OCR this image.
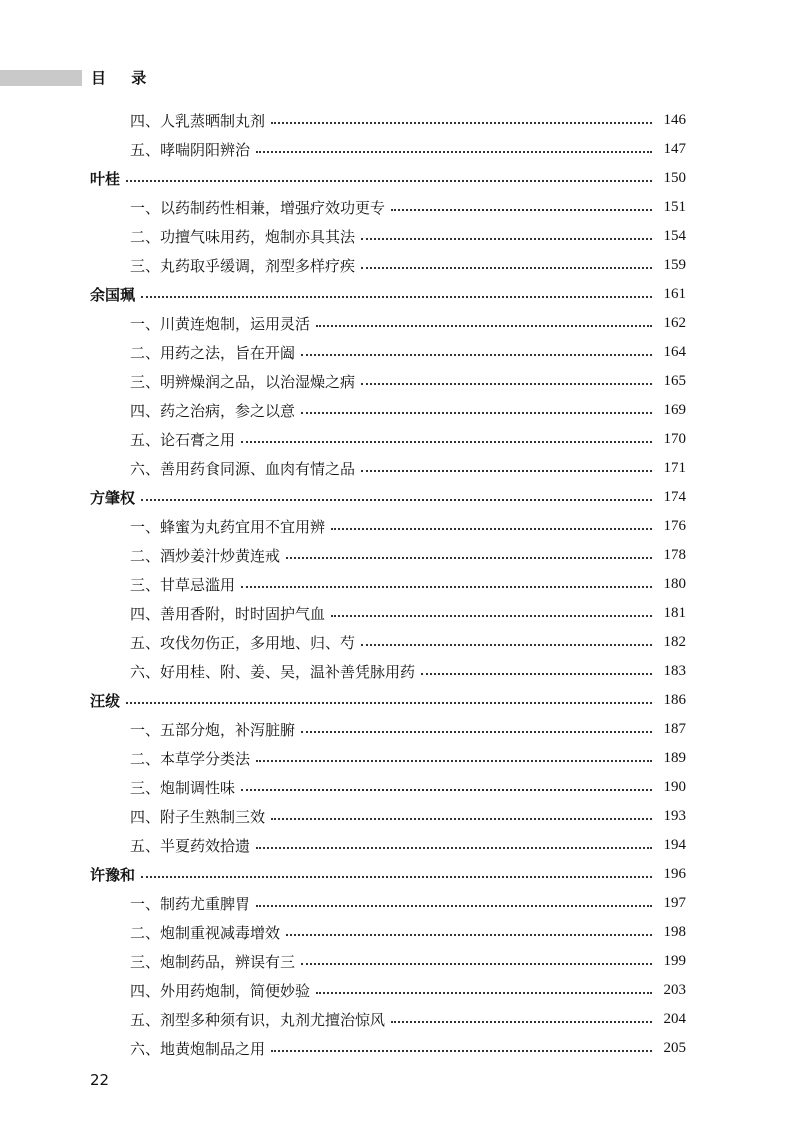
目 录
四、人乳蒸晒制丸剂	146
五、哮喘阴阳辨治	147
叶桂	150
一、以药制药性相兼，增强疗效功更专	151
二、功擅气味用药，炮制亦具其法	154
三、丸药取乎缓调，剂型多样疗疾	159
余国珮	161
一、川黄连炮制，运用灵活	162
二、用药之法，旨在开阖	164
三、明辨燥润之品，以治湿燥之病	165
四、药之治病，参之以意	169
五、论石膏之用	170
六、善用药食同源、血肉有情之品	171
方肇权	174
一、蜂蜜为丸药宜用不宜用辨	176
二、酒炒姜汁炒黄连戒	178
三、甘草忌滥用	180
四、善用香附，时时固护气血	181
五、攻伐勿伤正，多用地、归、芍	182
六、好用桂、附、姜、吴，温补善凭脉用药	183
汪绂	186
一、五部分炮，补泻脏腑	187
二、本草学分类法	189
三、炮制调性味	190
四、附子生熟制三效	193
五、半夏药效拾遗	194
许豫和	196
一、制药尤重脾胃	197
二、炮制重视减毒增效	198
三、炮制药品，辨误有三	199
四、外用药炮制，简便妙验	203
五、剂型多种须有识，丸剂尤擅治惊风	204
六、地黄炮制品之用	205
22
